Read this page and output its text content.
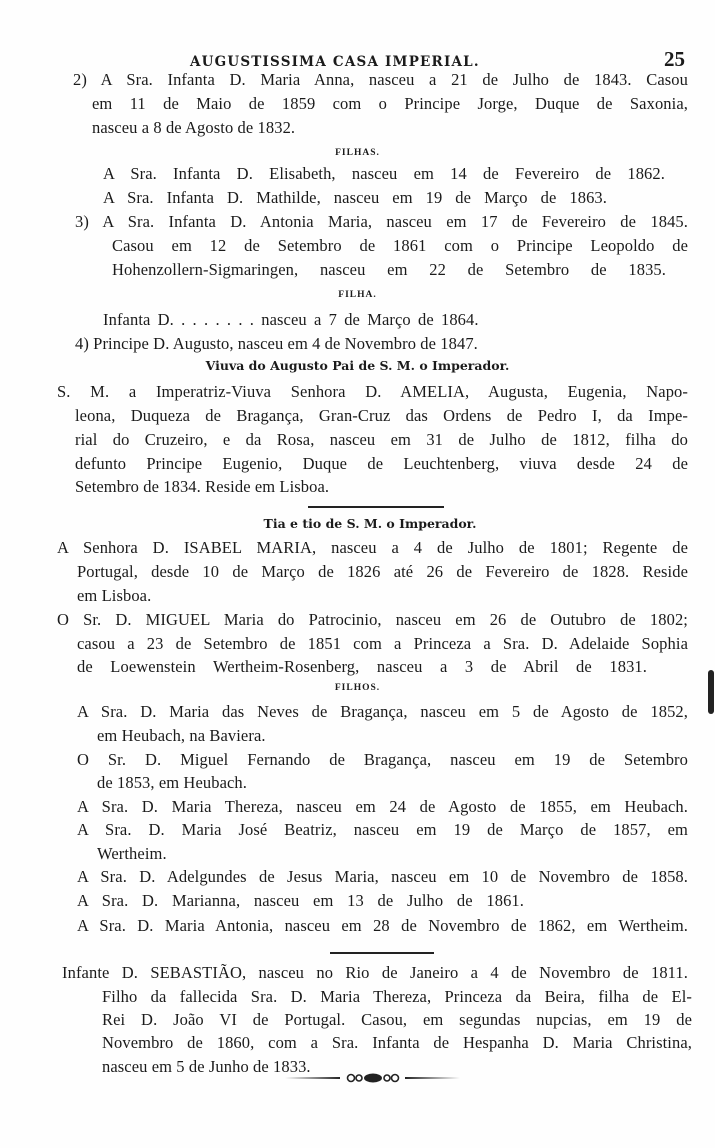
AUGUSTISSIMA CASA IMPERIAL.	25
2) A Sra. Infanta D. Maria Anna, nasceu a 21 de Julho de 1843. Casou
em 11 de Maio de 1859 com o Principe Jorge, Duque de Saxonia,
nasceu a 8 de Agosto de 1832.
FILHAS.
A Sra. Infanta D. Elisabeth, nasceu em 14 de Fevereiro de 1862.
A Sra. Infanta D. Mathilde, nasceu em 19 de Março de 1863.
3) A Sra. Infanta D. Antonia Maria, nasceu em 17 de Fevereiro de 1845.
Casou em 12 de Setembro de 1861 com o Principe Leopoldo de
Hohenzollern-Sigmaringen, nasceu em 22 de Setembro de 1835.
FILHA.
Infanta D. . . . . . . . nasceu a 7 de Março de 1864.
4) Principe D. Augusto, nasceu em 4 de Novembro de 1847.
Viuva do Augusto Pai de S. M. o Imperador.
S. M. a Imperatriz-Viuva Senhora D. AMELIA, Augusta, Eugenia, Napo-
leona, Duqueza de Bragança, Gran-Cruz das Ordens de Pedro I, da Impe-
rial do Cruzeiro, e da Rosa, nasceu em 31 de Julho de 1812, filha do
defunto Principe Eugenio, Duque de Leuchtenberg, viuva desde 24 de
Setembro de 1834. Reside em Lisboa.
Tia e tio de S. M. o Imperador.
A Senhora D. ISABEL MARIA, nasceu a 4 de Julho de 1801; Regente de
Portugal, desde 10 de Março de 1826 até 26 de Fevereiro de 1828. Reside
em Lisboa.
O Sr. D. MIGUEL Maria do Patrocinio, nasceu em 26 de Outubro de 1802;
casou a 23 de Setembro de 1851 com a Princeza a Sra. D. Adelaide Sophia
de Loewenstein Wertheim-Rosenberg, nasceu a 3 de Abril de 1831.
FILHOS.
A Sra. D. Maria das Neves de Bragança, nasceu em 5 de Agosto de 1852,
em Heubach, na Baviera.
O Sr. D. Miguel Fernando de Bragança, nasceu em 19 de Setembro
de 1853, em Heubach.
A Sra. D. Maria Thereza, nasceu em 24 de Agosto de 1855, em Heubach.
A Sra. D. Maria José Beatriz, nasceu em 19 de Março de 1857, em
Wertheim.
A Sra. D. Adelgundes de Jesus Maria, nasceu em 10 de Novembro de 1858.
A Sra. D. Marianna, nasceu em 13 de Julho de 1861.
A Sra. D. Maria Antonia, nasceu em 28 de Novembro de 1862, em Wertheim.
Infante D. SEBASTIÃO, nasceu no Rio de Janeiro a 4 de Novembro de 1811.
Filho da fallecida Sra. D. Maria Thereza, Princeza da Beira, filha de El-
Rei D. João VI de Portugal. Casou, em segundas nupcias, em 19 de
Novembro de 1860, com a Sra. Infanta de Hespanha D. Maria Christina,
nasceu em 5 de Junho de 1833.
